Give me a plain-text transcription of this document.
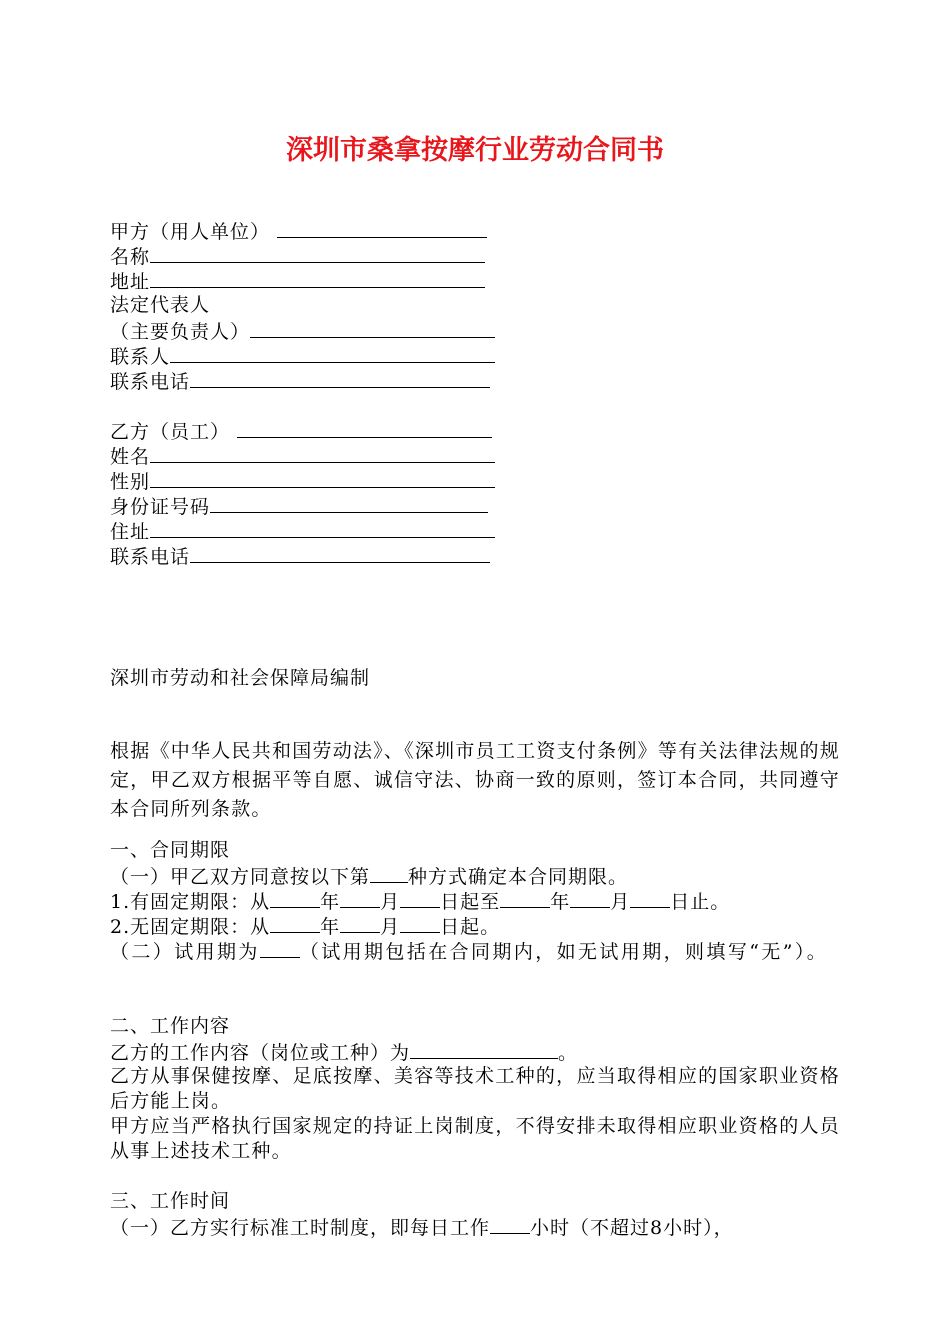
深圳市桑拿按摩行业劳动合同书
甲方（用人单位）
名称
地址
法定代表人
（主要负责人）
联系人
联系电话
乙方（员工）
姓名
性别
身份证号码
住址
联系电话
深圳市劳动和社会保障局编制
根据《中华人民共和国劳动法》、《深圳市员工工资支付条例》等有关法律法规的规定，甲乙双方根据平等自愿、诚信守法、协商一致的原则，签订本合同，共同遵守本合同所列条款。
一、合同期限
（一）甲乙双方同意按以下第 种方式确定本合同期限。
1.有固定期限：从	年 月 日起至	年 月 日止。
2.无固定期限：从	年 月 日起。
（二）试用期为 （试用期包括在合同期内，如无试用期，则填写“无”）。
二、工作内容
乙方的工作内容（岗位或工种）为	。
乙方从事保健按摩、足底按摩、美容等技术工种的，应当取得相应的国家职业资格后方能上岗。
甲方应当严格执行国家规定的持证上岗制度，不得安排未取得相应职业资格的人员从事上述技术工种。
三、工作时间
（一）乙方实行标准工时制度，即每日工作 小时（不超过8小时），
